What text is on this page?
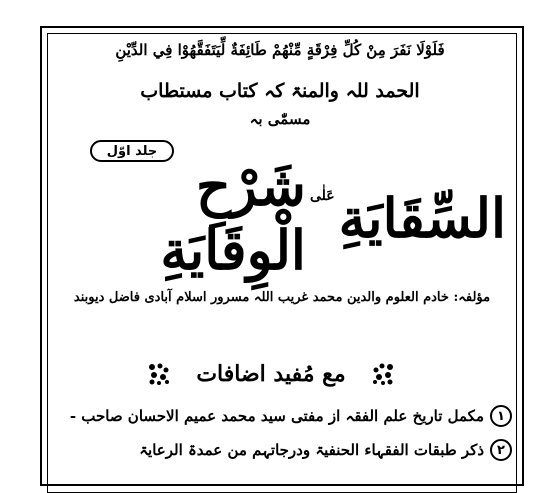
فَلَوْلَا نَفَرَ مِنْ كُلِّ فِرْقَةٍ مِّنْهُمْ طَائِفَةٌ لِّيَتَفَقَّهُوْا فِي الدِّيْنِ
الحمد للہ والمنۃ کہ کتاب مستطاب
مسمّٰی بہ
جلد اوّل
السِّقَايَةِ
عَلٰی
شَرْحِ الْوِقَايَةِ
مؤلفہ: خادم العلوم والدین محمد غریب اللہ مسرور اسلام آبادی فاضل دیوبند
مع مُفید اضافات
١
مکمل تاریخ علم الفقہ از مفتی سید محمد عمیم الاحسان صاحب -
٢
ذکر طبقات الفقہاء الحنفیۃ ودرجاتہم من عمدۃ الرعایۃ
